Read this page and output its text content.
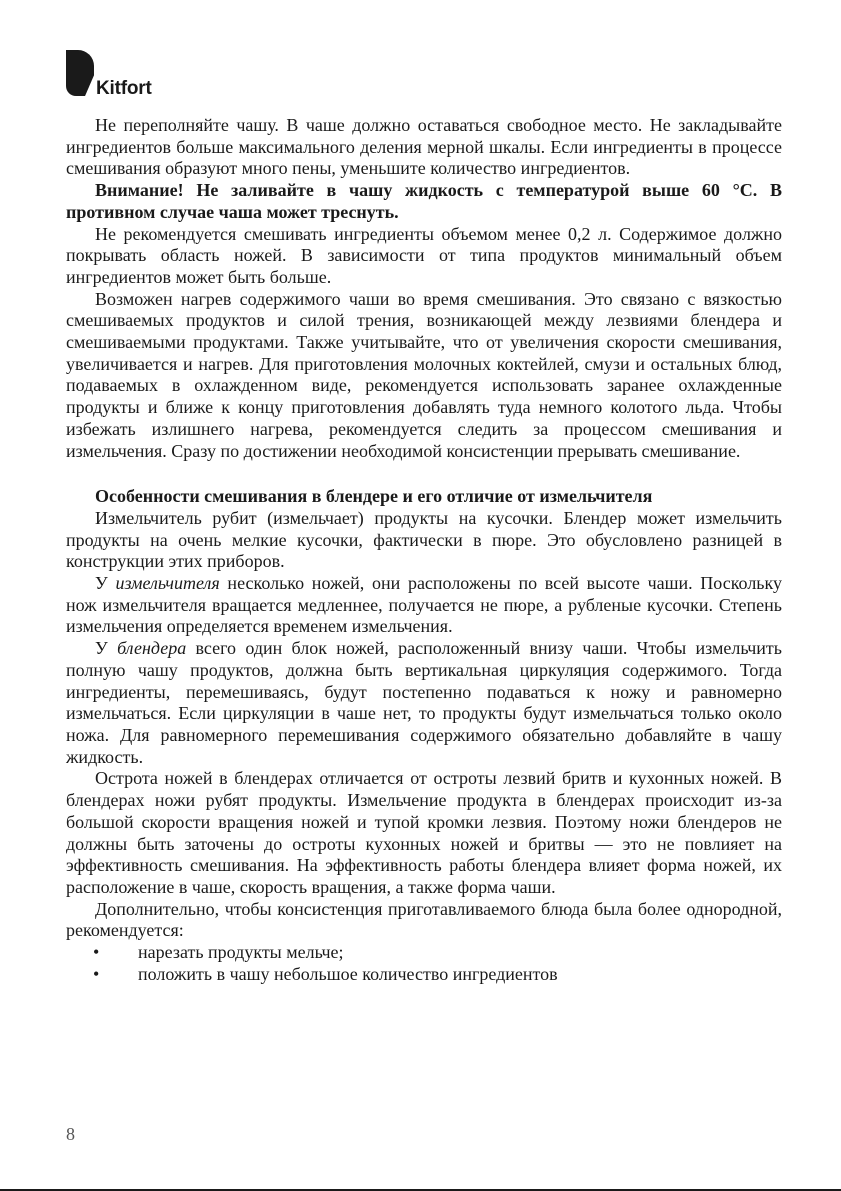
Kitfort

Не переполняйте чашу. В чаше должно оставаться свободное место. Не закладывайте ингредиентов больше максимального деления мерной шкалы. Если ингредиенты в процессе смешивания образуют много пены, уменьшите количество ингредиентов.

Внимание! Не заливайте в чашу жидкость с температурой выше 60 °С. В противном случае чаша может треснуть.

Не рекомендуется смешивать ингредиенты объемом менее 0,2 л. Содержимое должно покрывать область ножей. В зависимости от типа продуктов минимальный объем ингредиентов может быть больше.

Возможен нагрев содержимого чаши во время смешивания. Это связано с вязкостью смешиваемых продуктов и силой трения, возникающей между лезвиями блендера и смешиваемыми продуктами. Также учитывайте, что от увеличения скорости смешивания, увеличивается и нагрев. Для приготовления молочных коктейлей, смузи и остальных блюд, подаваемых в охлажденном виде, рекомендуется использовать заранее охлажденные продукты и ближе к концу приготовления добавлять туда немного колотого льда. Чтобы избежать излишнего нагрева, рекомендуется следить за процессом смешивания и измельчения. Сразу по достижении необходимой консистенции прерывать смешивание.

Особенности смешивания в блендере и его отличие от измельчителя

Измельчитель рубит (измельчает) продукты на кусочки. Блендер может измельчить продукты на очень мелкие кусочки, фактически в пюре. Это обусловлено разницей в конструкции этих приборов.

У измельчителя несколько ножей, они расположены по всей высоте чаши. Поскольку нож измельчителя вращается медленнее, получается не пюре, а рубленые кусочки. Степень измельчения определяется временем измельчения.

У блендера всего один блок ножей, расположенный внизу чаши. Чтобы измельчить полную чашу продуктов, должна быть вертикальная циркуляция содержимого. Тогда ингредиенты, перемешиваясь, будут постепенно подаваться к ножу и равномерно измельчаться. Если циркуляции в чаше нет, то продукты будут измельчаться только около ножа. Для равномерного перемешивания содержимого обязательно добавляйте в чашу жидкость.

Острота ножей в блендерах отличается от остроты лезвий бритв и кухонных ножей. В блендерах ножи рубят продукты. Измельчение продукта в блендерах происходит из-за большой скорости вращения ножей и тупой кромки лезвия. Поэтому ножи блендеров не должны быть заточены до остроты кухонных ножей и бритвы — это не повлияет на эффективность смешивания. На эффективность работы блендера влияет форма ножей, их расположение в чаше, скорость вращения, а также форма чаши.

Дополнительно, чтобы консистенция приготавливаемого блюда была более однородной, рекомендуется:

• нарезать продукты мельче;
• положить в чашу небольшое количество ингредиентов
8
